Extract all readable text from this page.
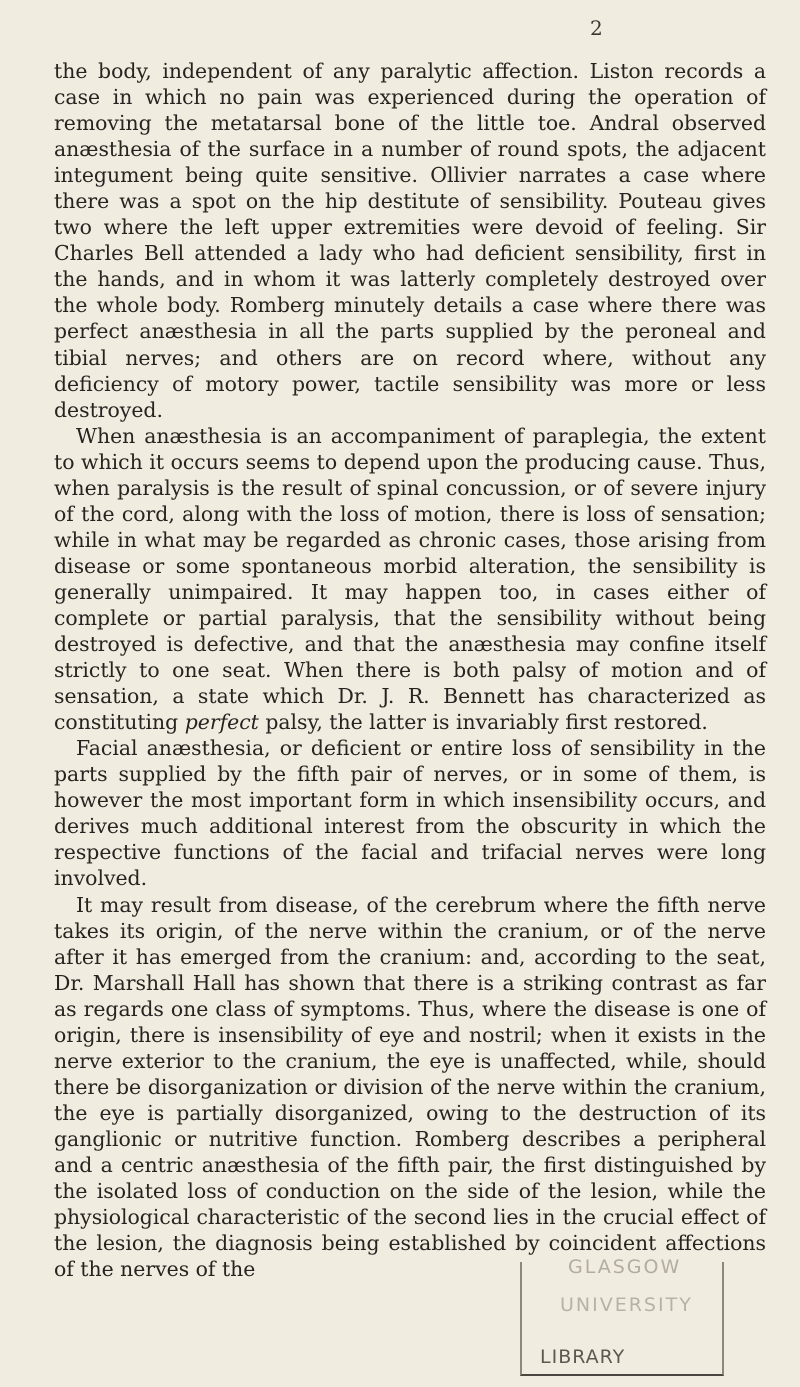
2

the body, independent of any paralytic affection. Liston records a case in which no pain was experienced during the operation of removing the metatarsal bone of the little toe. Andral observed anæsthesia of the surface in a number of round spots, the adjacent integument being quite sensitive. Ollivier narrates a case where there was a spot on the hip destitute of sensibility. Pouteau gives two where the left upper extremities were devoid of feeling. Sir Charles Bell attended a lady who had deficient sensibility, first in the hands, and in whom it was latterly completely destroyed over the whole body. Romberg minutely details a case where there was perfect anæsthesia in all the parts supplied by the peroneal and tibial nerves; and others are on record where, without any deficiency of motory power, tactile sensibility was more or less destroyed.

When anæsthesia is an accompaniment of paraplegia, the extent to which it occurs seems to depend upon the producing cause. Thus, when paralysis is the result of spinal concussion, or of severe injury of the cord, along with the loss of motion, there is loss of sensation; while in what may be regarded as chronic cases, those arising from disease or some spontaneous morbid alteration, the sensibility is generally unimpaired. It may happen too, in cases either of complete or partial paralysis, that the sensibility without being destroyed is defective, and that the anæsthesia may confine itself strictly to one seat. When there is both palsy of motion and of sensation, a state which Dr. J. R. Bennett has characterized as constituting perfect palsy, the latter is invariably first restored.

Facial anæsthesia, or deficient or entire loss of sensibility in the parts supplied by the fifth pair of nerves, or in some of them, is however the most important form in which insensibility occurs, and derives much additional interest from the obscurity in which the respective functions of the facial and trifacial nerves were long involved.

It may result from disease, of the cerebrum where the fifth nerve takes its origin, of the nerve within the cranium, or of the nerve after it has emerged from the cranium: and, according to the seat, Dr. Marshall Hall has shown that there is a striking contrast as far as regards one class of symptoms. Thus, where the disease is one of origin, there is insensibility of eye and nostril; when it exists in the nerve exterior to the cranium, the eye is unaffected, while, should there be disorganization or division of the nerve within the cranium, the eye is partially disorganized, owing to the destruction of its ganglionic or nutritive function. Romberg describes a peripheral and a centric anæsthesia of the fifth pair, the first distinguished by the isolated loss of conduction on the side of the lesion, while the physiological characteristic of the second lies in the crucial effect of the lesion, the diagnosis being established by coincident affections of the nerves of the	GLASGOW
UNIVERSITY
LIBRARY
